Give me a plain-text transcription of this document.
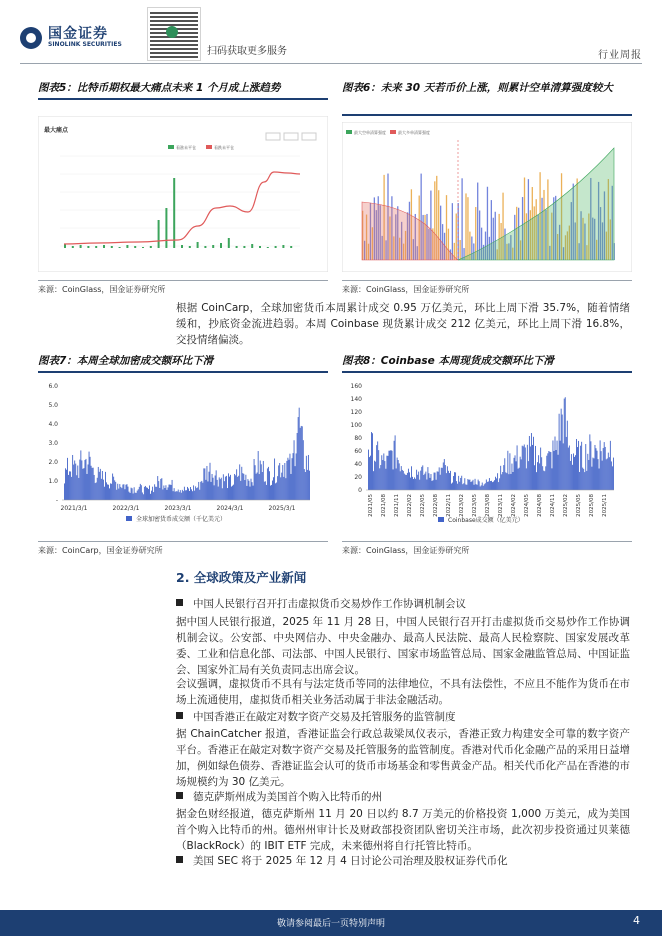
国金证券
SINOLINK SECURITIES
扫码获取更多服务	行业周报
图表5：比特币期权最大痛点未来 1 个月成上涨趋势
最大痛点
看涨未平仓	看跌未平仓
来源：CoinGlass，国金证券研究所
图表6：未来 30 天若币价上涨，则累计空单清算强度较大
最大空单清算强度	最大多单清算强度
来源：CoinGlass，国金证券研究所
根据 CoinCarp，全球加密货币本周累计成交 0.95 万亿美元，环比上周下滑 35.7%，随着情绪缓和，抄底资金流进趋弱。本周 Coinbase 现货累计成交 212 亿美元，环比上周下滑 16.8%，交投情绪偏淡。
图表7：本周全球加密成交额环比下滑
6.0
5.0
4.0
3.0
2.0
1.0
-
2021/3/1	2022/3/1	2023/3/1	2024/3/1	2025/3/1
全球加密货币成交额（千亿美元）
来源：CoinCarp，国金证券研究所
图表8：Coinbase 本周现货成交额环比下滑
160
140
120
100
80
60
40
20
0
2021/05 2021/08 2021/11 2022/02 2022/05 2022/08 2022/11 2023/02 2023/05 2023/08 2023/11 2024/02 2024/05 2024/08 2024/11 2025/02 2025/05 2025/08 2025/11
Coinbase成交额（亿美元）
来源：CoinGlass，国金证券研究所
2. 全球政策及产业新闻
中国人民银行召开打击虚拟货币交易炒作工作协调机制会议
据中国人民银行报道，2025 年 11 月 28 日，中国人民银行召开打击虚拟货币交易炒作工作协调机制会议。公安部、中央网信办、中央金融办、最高人民法院、最高人民检察院、国家发展改革委、工业和信息化部、司法部、中国人民银行、国家市场监管总局、国家金融监管总局、中国证监会、国家外汇局有关负责同志出席会议。
会议强调，虚拟货币不具有与法定货币等同的法律地位，不具有法偿性，不应且不能作为货币在市场上流通使用，虚拟货币相关业务活动属于非法金融活动。
中国香港正在敲定对数字资产交易及托管服务的监管制度
据 ChainCatcher 报道，香港证监会行政总裁梁凤仪表示，香港正致力构建安全可靠的数字资产平台。香港正在敲定对数字资产交易及托管服务的监管制度。香港对代币化金融产品的采用日益增加，例如绿色债券、香港证监会认可的货币市场基金和零售黄金产品。相关代币化产品在香港的市场规模约为 30 亿美元。
德克萨斯州成为美国首个购入比特币的州
据金色财经报道，德克萨斯州 11 月 20 日以约 8.7 万美元的价格投资 1,000 万美元，成为美国首个购入比特币的州。德州州审计长及财政部投资团队密切关注市场，此次初步投资通过贝莱德（BlackRock）的 IBIT ETF 完成，未来德州将自行托管比特币。
美国 SEC 将于 2025 年 12 月 4 日讨论公司治理及股权证券代币化
敬请参阅最后一页特别声明	4
